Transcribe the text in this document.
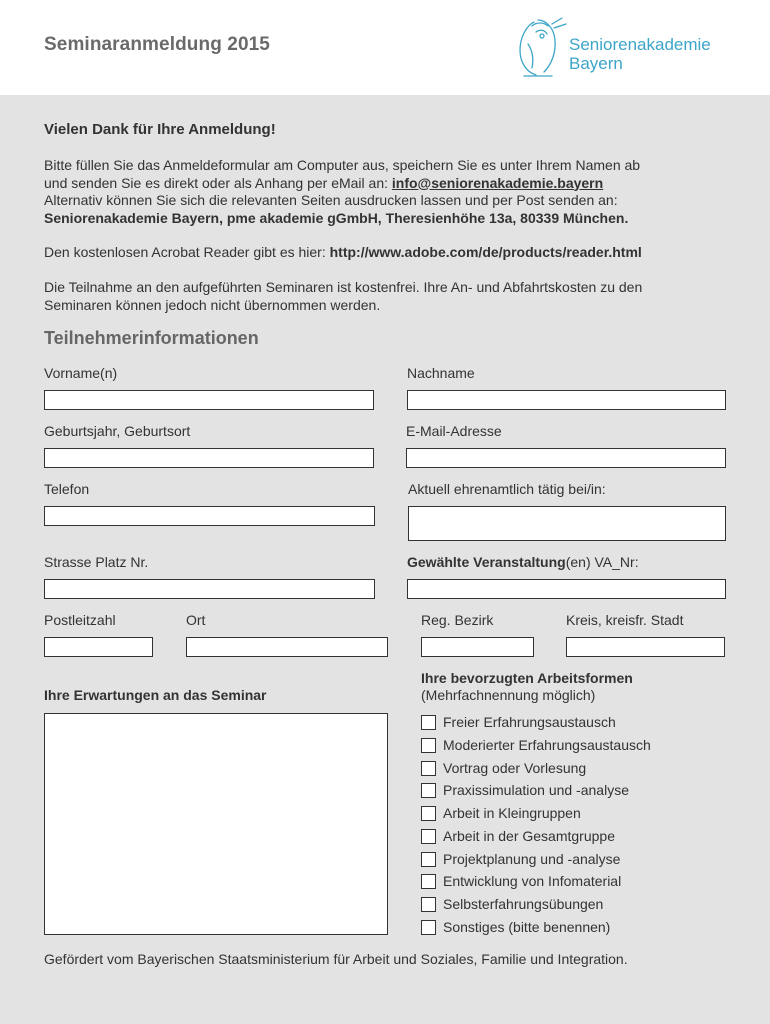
Seminaranmeldung 2015	Seniorenakademie
Bayern
Vielen Dank für Ihre Anmeldung!
Bitte füllen Sie das Anmeldeformular am Computer aus, speichern Sie es unter Ihrem Namen ab
und senden Sie es direkt oder als Anhang per eMail an: info@seniorenakademie.bayern
Alternativ können Sie sich die relevanten Seiten ausdrucken lassen und per Post senden an:
Seniorenakademie Bayern, pme akademie gGmbH, Theresienhöhe 13a, 80339 München.
Den kostenlosen Acrobat Reader gibt es hier: http://www.adobe.com/de/products/reader.html
Die Teilnahme an den aufgeführten Seminaren ist kostenfrei. Ihre An- und Abfahrtskosten zu den
Seminaren können jedoch nicht übernommen werden.
Teilnehmerinformationen
Vorname(n)	Nachname
Geburtsjahr, Geburtsort	E-Mail-Adresse
Telefon	Aktuell ehrenamtlich tätig bei/in:
Strasse Platz Nr.	Gewählte Veranstaltung(en) VA_Nr:
Postleitzahl	Ort	Reg. Bezirk	Kreis, kreisfr. Stadt
Ihre Erwartungen an das Seminar
Ihre bevorzugten Arbeitsformen
(Mehrfachnennung möglich)
Freier Erfahrungsaustausch
Moderierter Erfahrungsaustausch
Vortrag oder Vorlesung
Praxissimulation und -analyse
Arbeit in Kleingruppen
Arbeit in der Gesamtgruppe
Projektplanung und -analyse
Entwicklung von Infomaterial
Selbsterfahrungsübungen
Sonstiges (bitte benennen)
Gefördert vom Bayerischen Staatsministerium für Arbeit und Soziales, Familie und Integration.
